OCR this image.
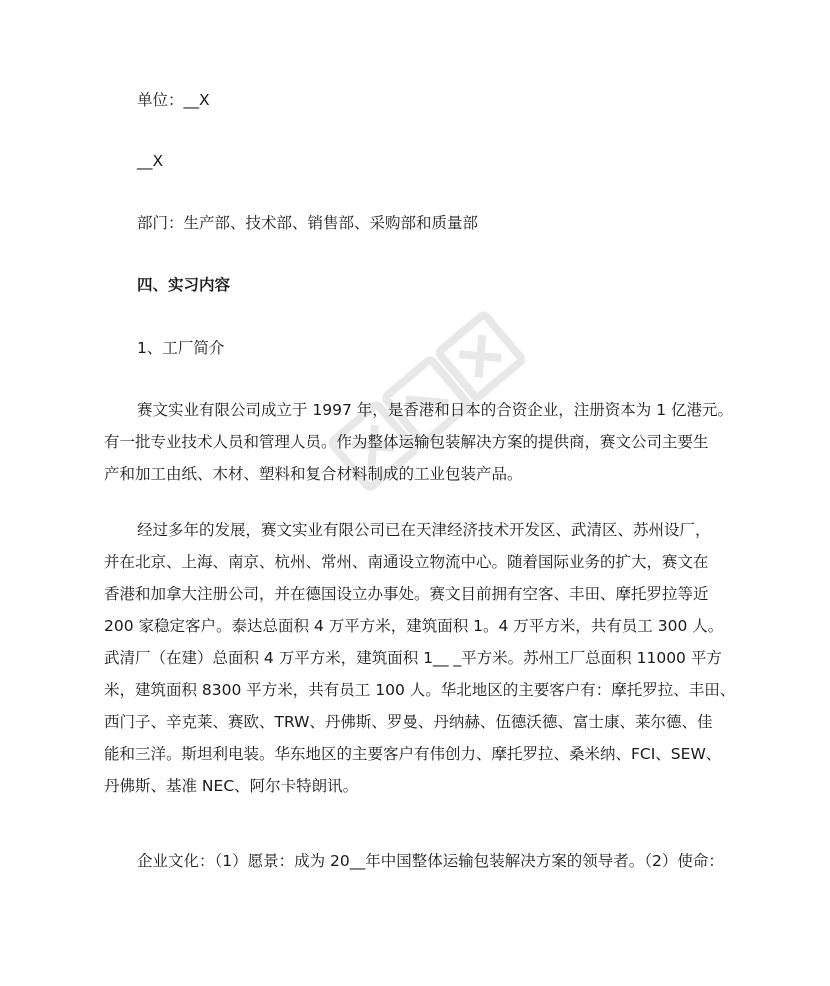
单位：__X
__X
部门：生产部、技术部、销售部、采购部和质量部
四、实习内容
1、工厂简介
赛文实业有限公司成立于 1997 年，是香港和日本的合资企业，注册资本为 1 亿港元。
有一批专业技术人员和管理人员。作为整体运输包装解决方案的提供商，赛文公司主要生
产和加工由纸、木材、塑料和复合材料制成的工业包装产品。
经过多年的发展，赛文实业有限公司已在天津经济技术开发区、武清区、苏州设厂，
并在北京、上海、南京、杭州、常州、南通设立物流中心。随着国际业务的扩大，赛文在
香港和加拿大注册公司，并在德国设立办事处。赛文目前拥有空客、丰田、摩托罗拉等近
200 家稳定客户。泰达总面积 4 万平方米，建筑面积 1。4 万平方米，共有员工 300 人。
武清厂（在建）总面积 4 万平方米，建筑面积 1__ _平方米。苏州工厂总面积 11000 平方
米，建筑面积 8300 平方米，共有员工 100 人。华北地区的主要客户有：摩托罗拉、丰田、
西门子、辛克莱、赛欧、TRW、丹佛斯、罗曼、丹纳赫、伍德沃德、富士康、莱尔德、佳
能和三洋。斯坦利电装。华东地区的主要客户有伟创力、摩托罗拉、桑米纳、FCI、SEW、
丹佛斯、基准 NEC、阿尔卡特朗讯。
企业文化：（1）愿景：成为 20__年中国整体运输包装解决方案的领导者。（2）使命：
